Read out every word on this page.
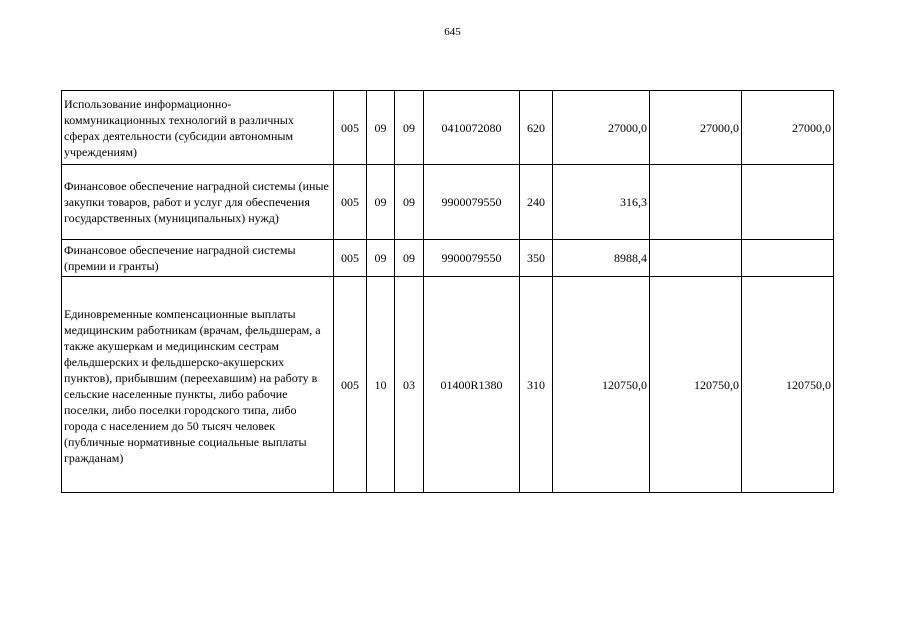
645
Использование информационно-коммуникационных технологий в различных сферах деятельности (субсидии автономным учреждениям)	005	09	09	0410072080	620	27000,0	27000,0	27000,0
Финансовое обеспечение наградной системы (иные закупки товаров, работ и услуг для обеспечения государственных (муниципальных) нужд)	005	09	09	9900079550	240	316,3		
Финансовое обеспечение наградной системы (премии и гранты)	005	09	09	9900079550	350	8988,4		
Единовременные компенсационные выплаты медицинским работникам (врачам, фельдшерам, а также акушеркам и медицинским сестрам фельдшерских и фельдшерско-акушерских пунктов), прибывшим (переехавшим) на работу в сельские населенные пункты, либо рабочие поселки, либо поселки городского типа, либо города с населением до 50 тысяч человек (публичные нормативные социальные выплаты гражданам)	005	10	03	01400R1380	310	120750,0	120750,0	120750,0
